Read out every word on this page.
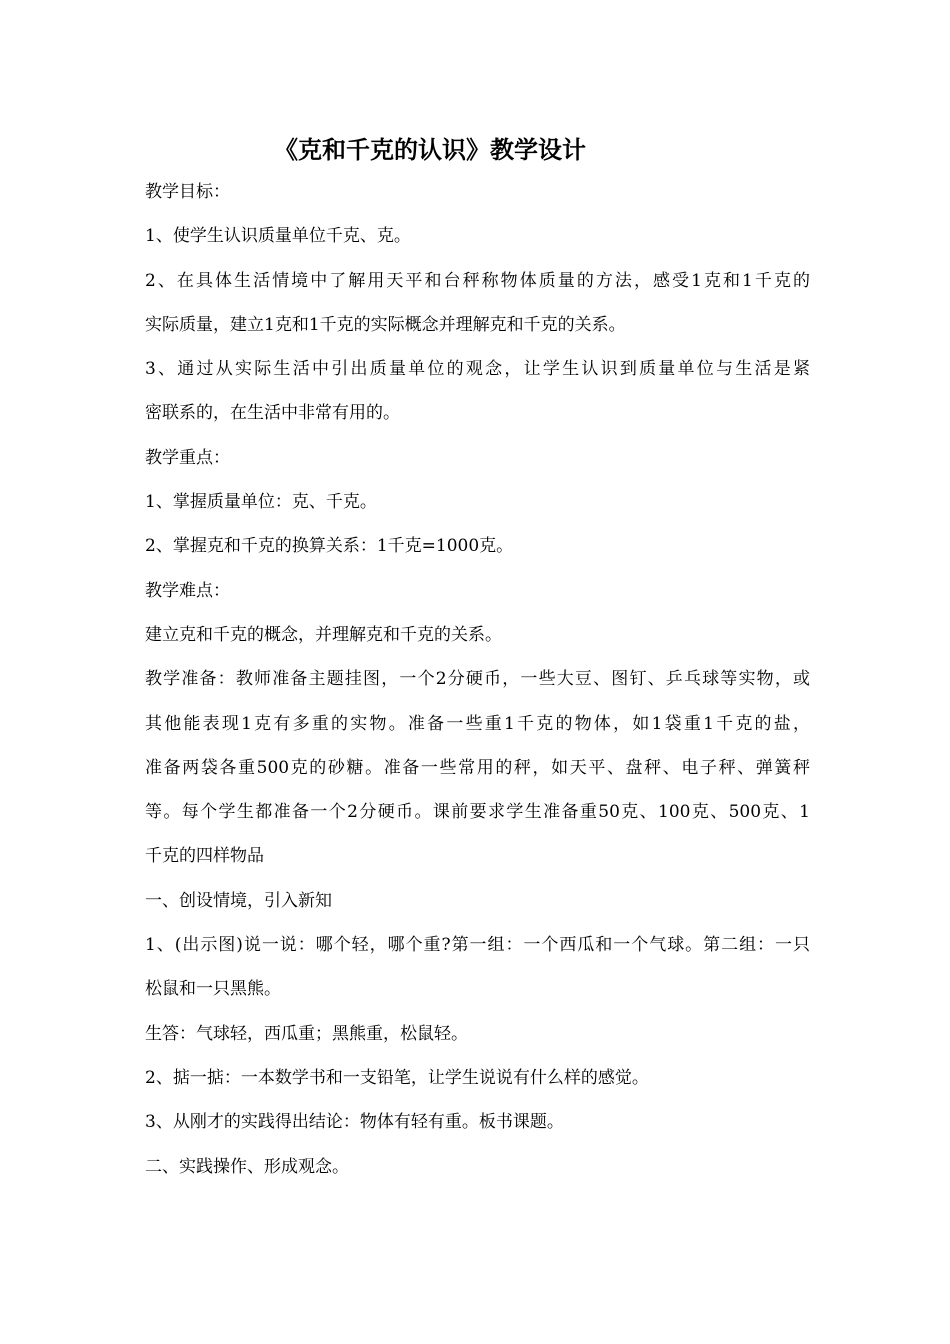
《克和千克的认识》教学设计
教学目标：
1、使学生认识质量单位千克、克。
2、在具体生活情境中了解用天平和台秤称物体质量的方法，感受1克和1千克的
实际质量，建立1克和1千克的实际概念并理解克和千克的关系。
3、通过从实际生活中引出质量单位的观念，让学生认识到质量单位与生活是紧
密联系的，在生活中非常有用的。
教学重点：
1、掌握质量单位：克、千克。
2、掌握克和千克的换算关系：1千克=1000克。
教学难点：
建立克和千克的概念，并理解克和千克的关系。
教学准备：教师准备主题挂图，一个2分硬币，一些大豆、图钉、乒乓球等实物，或
其他能表现1克有多重的实物。准备一些重1千克的物体，如1袋重1千克的盐，
准备两袋各重500克的砂糖。准备一些常用的秤，如天平、盘秤、电子秤、弹簧秤
等。每个学生都准备一个2分硬币。课前要求学生准备重50克、100克、500克、1
千克的四样物品
一、创设情境，引入新知
1、(出示图)说一说：哪个轻，哪个重?第一组：一个西瓜和一个气球。第二组：一只
松鼠和一只黑熊。
生答：气球轻，西瓜重；黑熊重，松鼠轻。
2、掂一掂：一本数学书和一支铅笔，让学生说说有什么样的感觉。
3、从刚才的实践得出结论：物体有轻有重。板书课题。
二、实践操作、形成观念。
